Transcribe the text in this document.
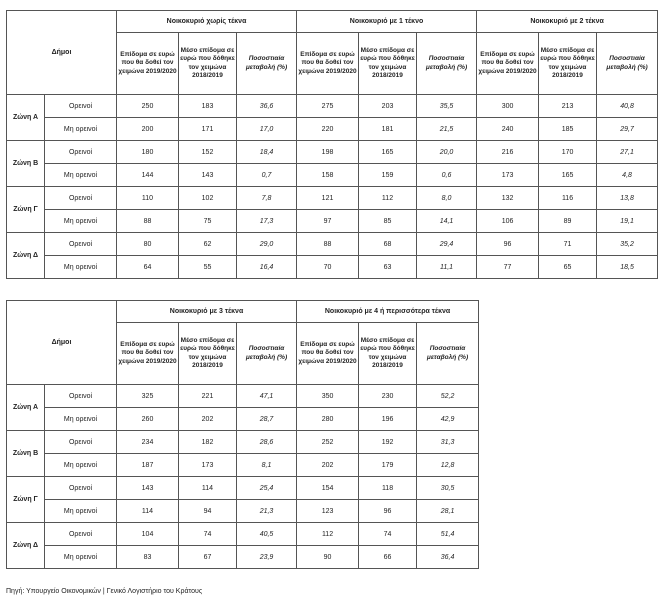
Δήμοι		Νοικοκυριό χωρίς τέκνα			Νοικοκυριό με 1 τέκνο			Νοικοκυριό με 2 τέκνα		
		Επίδομα σε ευρώ που θα δοθεί τον χειμώνα 2019/2020	Μέσο επίδομα σε ευρώ που δόθηκε τον χειμώνα 2018/2019	Ποσοστιαία μεταβολή (%)	Επίδομα σε ευρώ που θα δοθεί τον χειμώνα 2019/2020	Μέσο επίδομα σε ευρώ που δόθηκε τον χειμώνα 2018/2019	Ποσοστιαία μεταβολή (%)	Επίδομα σε ευρώ που θα δοθεί τον χειμώνα 2019/2020	Μέσο επίδομα σε ευρώ που δόθηκε τον χειμώνα 2018/2019	Ποσοστιαία μεταβολή (%)
Ζώνη Α	Ορεινοί	250	183	36,6	275	203	35,5	300	213	40,8
	Μη ορεινοί	200	171	17,0	220	181	21,5	240	185	29,7
Ζώνη Β	Ορεινοί	180	152	18,4	198	165	20,0	216	170	27,1
	Μη ορεινοί	144	143	0,7	158	159	0,6	173	165	4,8
Ζώνη Γ	Ορεινοί	110	102	7,8	121	112	8,0	132	116	13,8
	Μη ορεινοί	88	75	17,3	97	85	14,1	106	89	19,1
Ζώνη Δ	Ορεινοί	80	62	29,0	88	68	29,4	96	71	35,2
	Μη ορεινοί	64	55	16,4	70	63	11,1	77	65	18,5
Δήμοι		Νοικοκυριό με 3 τέκνα			Νοικοκυριό με 4 ή περισσότερα τέκνα		
		Επίδομα σε ευρώ που θα δοθεί τον χειμώνα 2019/2020	Μέσο επίδομα σε ευρώ που δόθηκε τον χειμώνα 2018/2019	Ποσοστιαία μεταβολή (%)	Επίδομα σε ευρώ που θα δοθεί τον χειμώνα 2019/2020	Μέσο επίδομα σε ευρώ που δόθηκε τον χειμώνα 2018/2019	Ποσοστιαία μεταβολή (%)
Ζώνη Α	Ορεινοί	325	221	47,1	350	230	52,2
	Μη ορεινοί	260	202	28,7	280	196	42,9
Ζώνη Β	Ορεινοί	234	182	28,6	252	192	31,3
	Μη ορεινοί	187	173	8,1	202	179	12,8
Ζώνη Γ	Ορεινοί	143	114	25,4	154	118	30,5
	Μη ορεινοί	114	94	21,3	123	96	28,1
Ζώνη Δ	Ορεινοί	104	74	40,5	112	74	51,4
	Μη ορεινοί	83	67	23,9	90	66	36,4
Πηγή: Υπουργείο Οικονομικών | Γενικό Λογιστήριο του Κράτους
